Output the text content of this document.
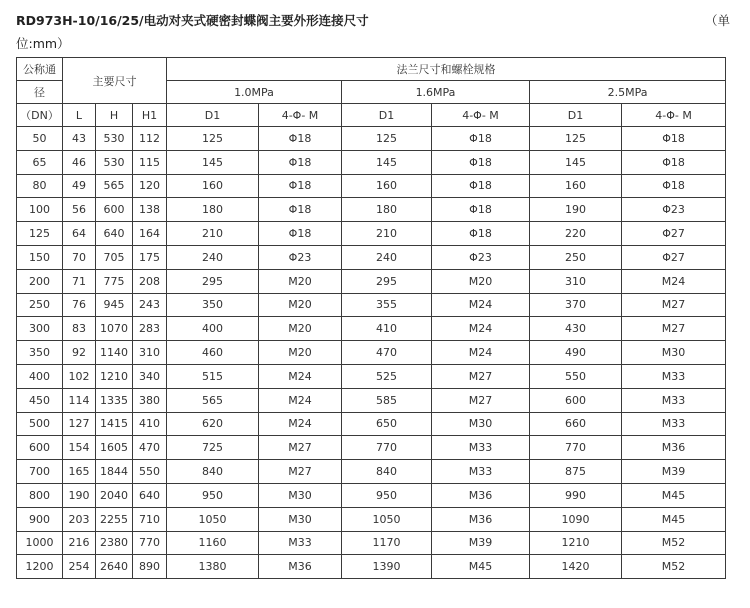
RD973H-10/16/25/电动对夹式硬密封蝶阀主要外形连接尺寸	（单
位:mm）
公称通	主要尺寸			法兰尺寸和螺栓规格					
径				1.0MPa		1.6MPa		2.5MPa	
（DN）	L	H	H1	D1	4-Φ- M	D1	4-Φ- M	D1	4-Φ- M
50	43	530	112	125	Φ18	125	Φ18	125	Φ18
65	46	530	115	145	Φ18	145	Φ18	145	Φ18
80	49	565	120	160	Φ18	160	Φ18	160	Φ18
100	56	600	138	180	Φ18	180	Φ18	190	Φ23
125	64	640	164	210	Φ18	210	Φ18	220	Φ27
150	70	705	175	240	Φ23	240	Φ23	250	Φ27
200	71	775	208	295	M20	295	M20	310	M24
250	76	945	243	350	M20	355	M24	370	M27
300	83	1070	283	400	M20	410	M24	430	M27
350	92	1140	310	460	M20	470	M24	490	M30
400	102	1210	340	515	M24	525	M27	550	M33
450	114	1335	380	565	M24	585	M27	600	M33
500	127	1415	410	620	M24	650	M30	660	M33
600	154	1605	470	725	M27	770	M33	770	M36
700	165	1844	550	840	M27	840	M33	875	M39
800	190	2040	640	950	M30	950	M36	990	M45
900	203	2255	710	1050	M30	1050	M36	1090	M45
1000	216	2380	770	1160	M33	1170	M39	1210	M52
1200	254	2640	890	1380	M36	1390	M45	1420	M52
